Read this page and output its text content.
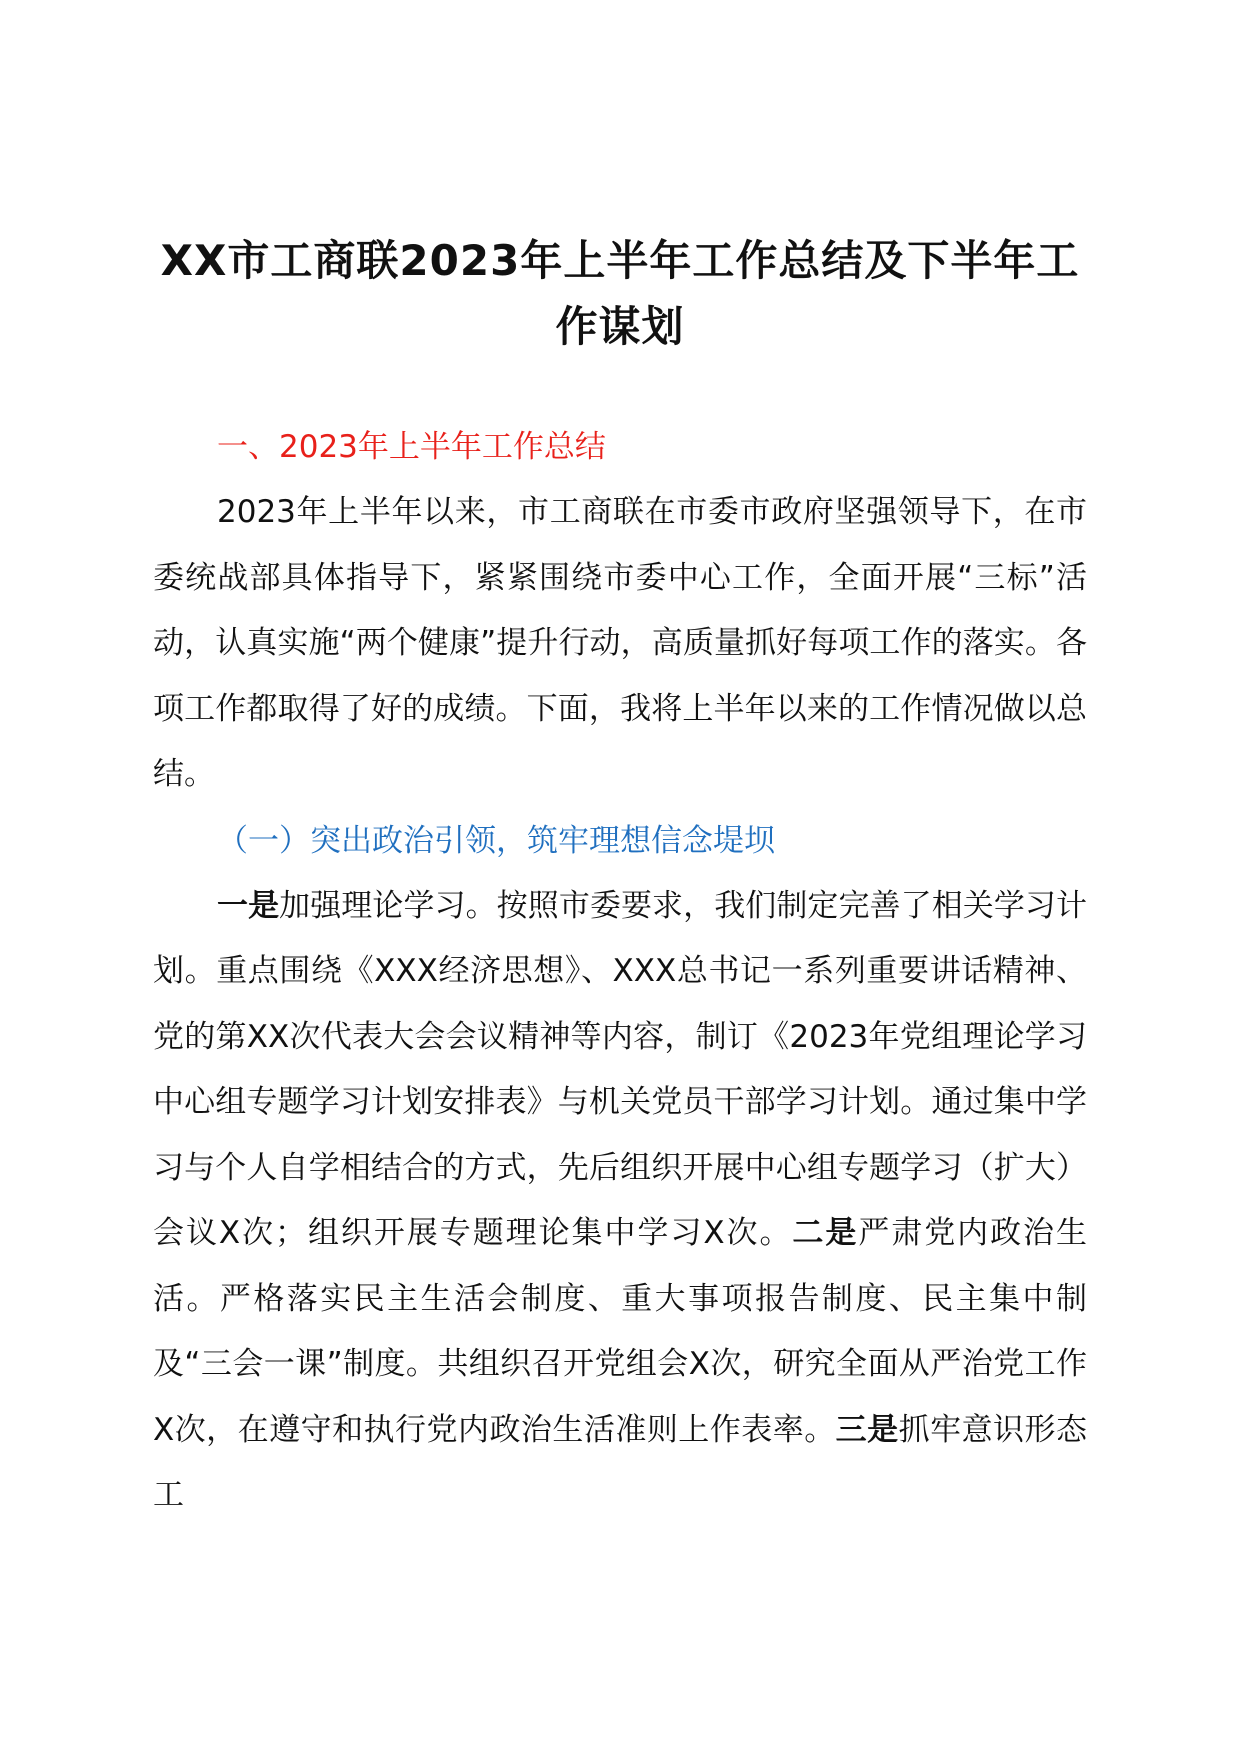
XX市工商联2023年上半年工作总结及下半年工作谋划

一、2023年上半年工作总结

2023年上半年以来，市工商联在市委市政府坚强领导下，在市委统战部具体指导下，紧紧围绕市委中心工作，全面开展“三标”活动，认真实施“两个健康”提升行动，高质量抓好每项工作的落实。各项工作都取得了好的成绩。下面，我将上半年以来的工作情况做以总结。

（一）突出政治引领，筑牢理想信念堤坝

一是加强理论学习。按照市委要求，我们制定完善了相关学习计划。重点围绕《XXX经济思想》、XXX总书记一系列重要讲话精神、党的第XX次代表大会会议精神等内容，制订《2023年党组理论学习中心组专题学习计划安排表》与机关党员干部学习计划。通过集中学习与个人自学相结合的方式，先后组织开展中心组专题学习（扩大）会议X次；组织开展专题理论集中学习X次。二是严肃党内政治生活。严格落实民主生活会制度、重大事项报告制度、民主集中制及“三会一课”制度。共组织召开党组会X次，研究全面从严治党工作X次，在遵守和执行党内政治生活准则上作表率。三是抓牢意识形态工
